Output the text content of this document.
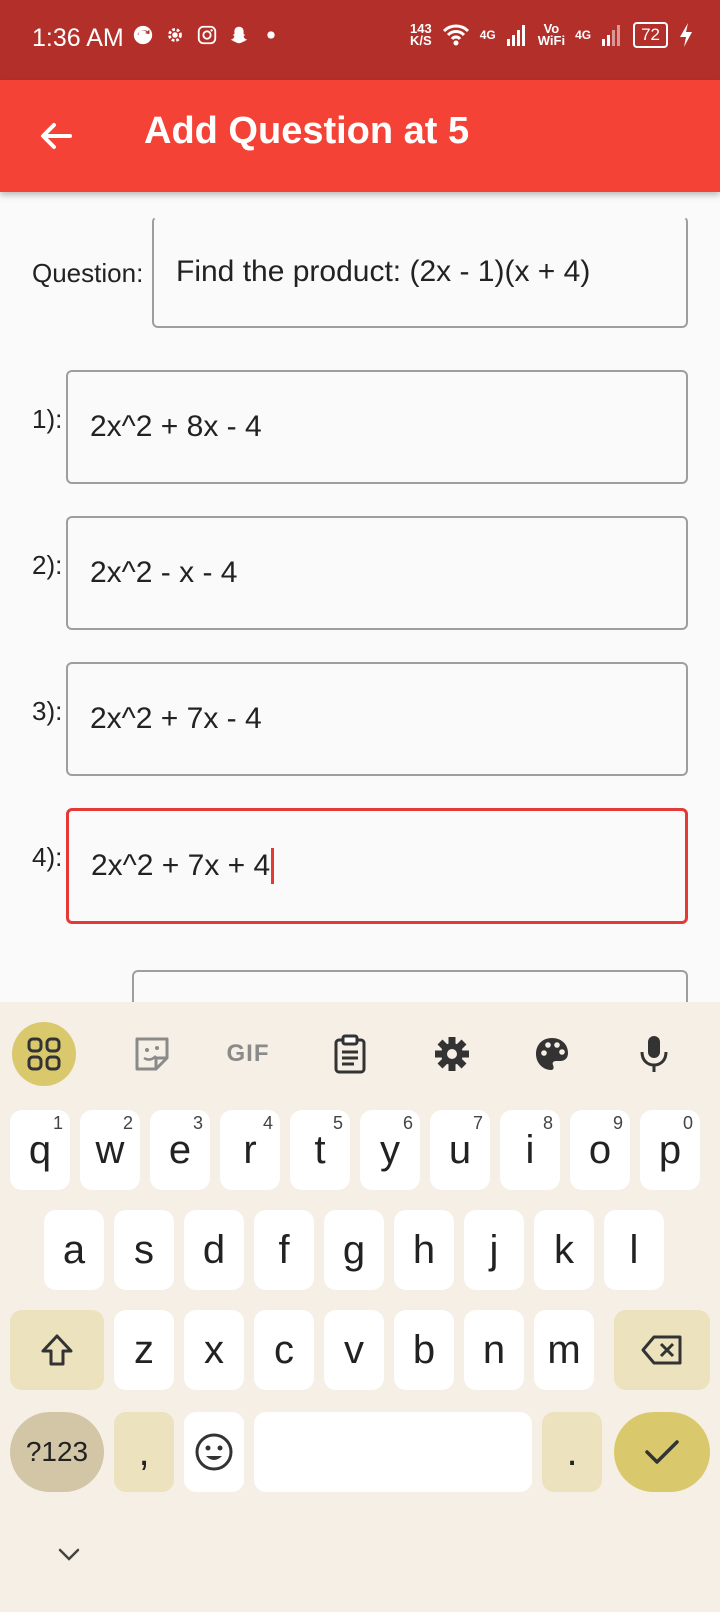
1:36 AM	143
K/S	4G	Vo
WiFi 4G	72
Add Question at 5
Question: Find the product: (2x - 1)(x + 4)
1): 2x^2 + 8x - 4
2): 2x^2 - x - 4
3): 2x^2 + 7x - 4
4): 2x^2 + 7x + 4
GIF
q
1
w
2
e
3
r
4
t
5
y
6
u
7
i
8
o
9
p
0
a s d f g h j k l
z x c v b n m
?123 ,	.
